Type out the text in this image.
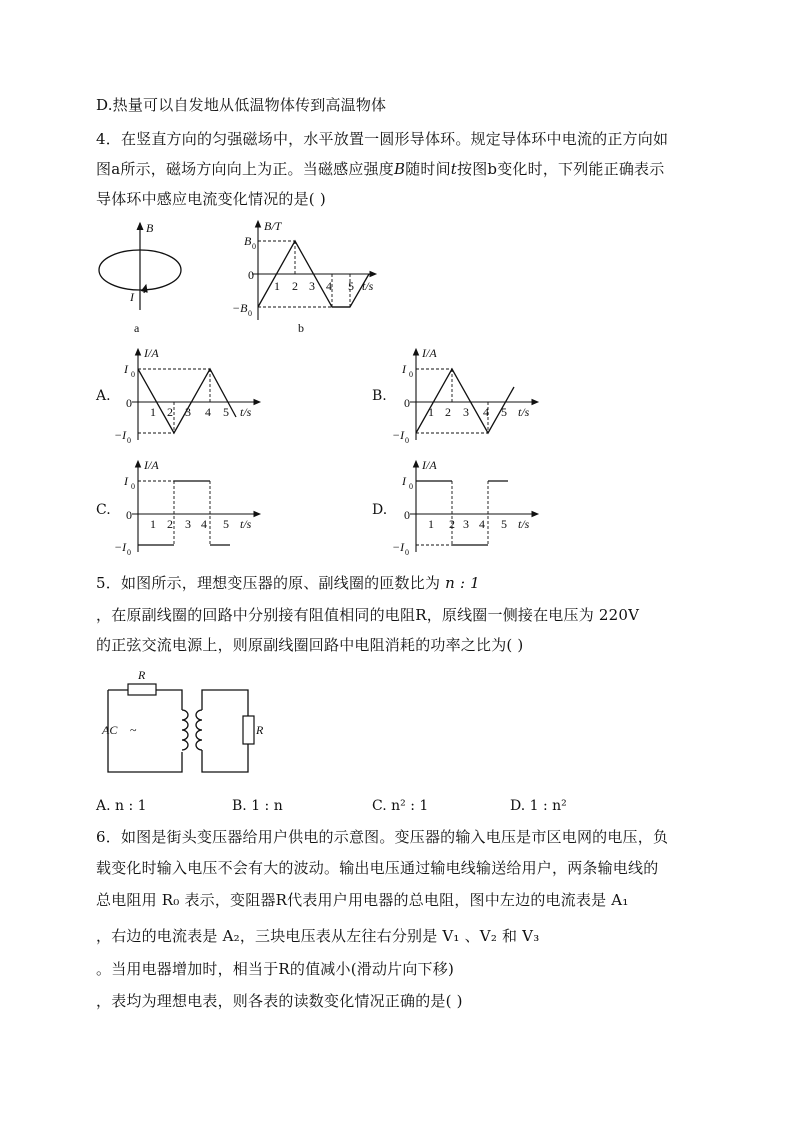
D.热量可以自发地从低温物体传到高温物体
4．在竖直方向的匀强磁场中，水平放置一圆形导体环。规定导体环中电流的正方向如
图a所示，磁场方向向上为正。当磁感应强度B随时间t按图b变化时，下列能正确表示
导体环中感应电流变化情况的是( )
B
I
a
B/T
B 0
0
−B 0
1 2 3 4 5 t/s
b
A.
I/A
I 0
0
−I 0
1 2 3 4 5 t/s
B.
I/A
I 0
0
−I 0
1 2 3 4 5 t/s
C.
I/A
I 0
0
−I 0
1 2 3 4 5 t/s
D.
I/A
I 0
0
−I 0
1 2 3 4 5 t/s
5．如图所示，理想变压器的原、副线圈的匝数比为 n : 1
，在原副线圈的回路中分别接有阻值相同的电阻R，原线圈一侧接在电压为 220V
的正弦交流电源上，则原副线圈回路中电阻消耗的功率之比为( )
R
R
AC ~
A. n : 1	B. 1 : n	C. n² : 1	D. 1 : n²
6．如图是街头变压器给用户供电的示意图。变压器的输入电压是市区电网的电压，负
载变化时输入电压不会有大的波动。输出电压通过输电线输送给用户，两条输电线的
总电阻用 R₀ 表示，变阻器R代表用户用电器的总电阻，图中左边的电流表是 A₁
，右边的电流表是 A₂，三块电压表从左往右分别是 V₁ 、V₂ 和 V₃
。当用电器增加时，相当于R的值减小(滑动片向下移)
，表均为理想电表，则各表的读数变化情况正确的是( )
